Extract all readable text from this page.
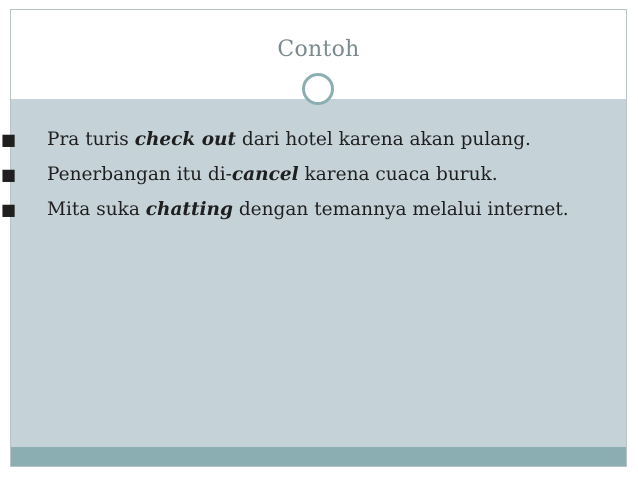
Contoh
■ Pra turis check out dari hotel karena akan pulang.
■ Penerbangan itu di-cancel karena cuaca buruk.
■ Mita suka chatting dengan temannya melalui internet.
